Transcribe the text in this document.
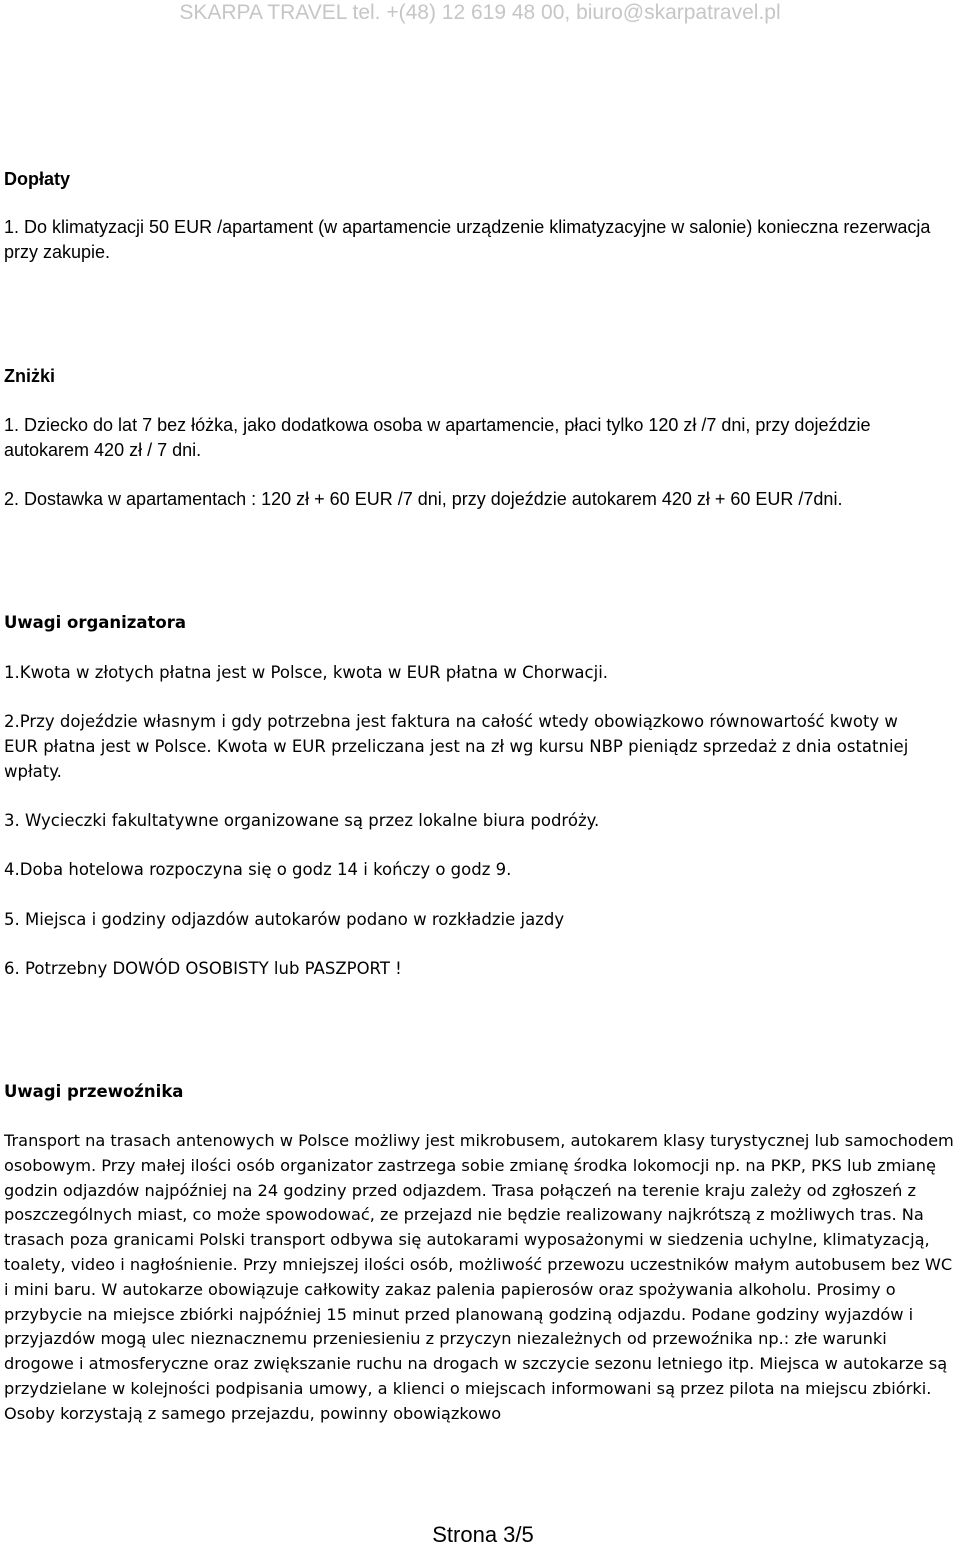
SKARPA TRAVEL tel. +(48) 12 619 48 00, biuro@skarpatravel.pl

Dopłaty

1. Do klimatyzacji 50 EUR /apartament (w apartamencie urządzenie klimatyzacyjne w salonie) konieczna rezerwacja przy zakupie.

Zniżki

1. Dziecko do lat 7 bez łóżka, jako dodatkowa osoba w apartamencie, płaci tylko 120 zł /7 dni, przy dojeździe autokarem 420 zł / 7 dni.

2. Dostawka w apartamentach : 120 zł + 60 EUR /7 dni, przy dojeździe autokarem 420 zł + 60 EUR /7dni.

Uwagi organizatora

1.Kwota w złotych płatna jest w Polsce, kwota w EUR płatna w Chorwacji.

2.Przy dojeździe własnym i gdy potrzebna jest faktura na całość wtedy obowiązkowo równowartość kwoty w EUR płatna jest w Polsce. Kwota w EUR przeliczana jest na zł wg kursu NBP pieniądz sprzedaż z dnia ostatniej wpłaty.

3. Wycieczki fakultatywne organizowane są przez lokalne biura podróży.

4.Doba hotelowa rozpoczyna się o godz 14 i kończy o godz 9.

5. Miejsca i godziny odjazdów autokarów podano w rozkładzie jazdy

6. Potrzebny DOWÓD OSOBISTY lub PASZPORT !

Uwagi przewoźnika

Transport na trasach antenowych w Polsce możliwy jest mikrobusem, autokarem klasy turystycznej lub samochodem osobowym. Przy małej ilości osób organizator zastrzega sobie zmianę środka lokomocji np. na PKP, PKS lub zmianę godzin odjazdów najpóźniej na 24 godziny przed odjazdem. Trasa połączeń na terenie kraju zależy od zgłoszeń z poszczególnych miast, co może spowodować, ze przejazd nie będzie realizowany najkrótszą z możliwych tras. Na trasach poza granicami Polski transport odbywa się autokarami wyposażonymi w siedzenia uchylne, klimatyzacją, toalety, video i nagłośnienie. Przy mniejszej ilości osób, możliwość przewozu uczestników małym autobusem bez WC i mini baru. W autokarze obowiązuje całkowity zakaz palenia papierosów oraz spożywania alkoholu. Prosimy o przybycie na miejsce zbiórki najpóźniej 15 minut przed planowaną godziną odjazdu. Podane godziny wyjazdów i przyjazdów mogą ulec nieznacznemu przeniesieniu z przyczyn niezależnych od przewoźnika np.: złe warunki drogowe i atmosferyczne oraz zwiększanie ruchu na drogach w szczycie sezonu letniego itp. Miejsca w autokarze są przydzielane w kolejności podpisania umowy, a klienci o miejscach informowani są przez pilota na miejscu zbiórki. Osoby korzystają z samego przejazdu, powinny obowiązkowo

Strona 3/5
